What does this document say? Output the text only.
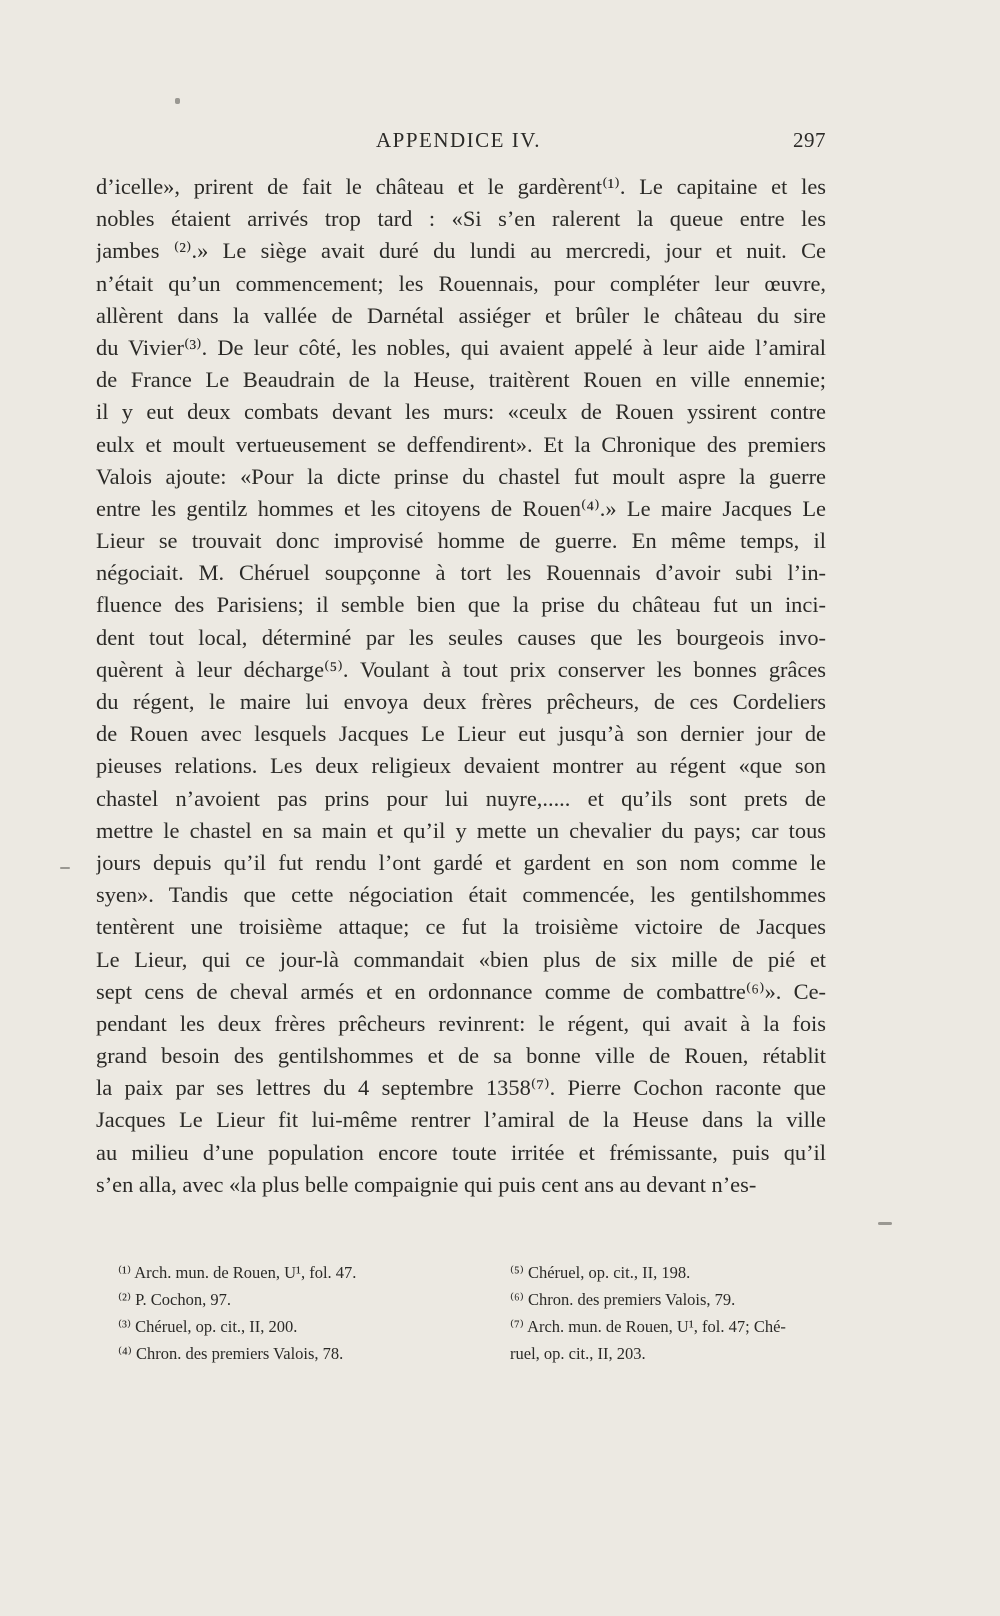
APPENDICE IV.	297
d’icelle», prirent de fait le château et le gardèrent⁽¹⁾. Le capitaine et les
nobles étaient arrivés trop tard : «Si s’en ralerent la queue entre les
jambes ⁽²⁾.» Le siège avait duré du lundi au mercredi, jour et nuit. Ce
n’était qu’un commencement; les Rouennais, pour compléter leur œuvre,
allèrent dans la vallée de Darnétal assiéger et brûler le château du sire
du Vivier⁽³⁾. De leur côté, les nobles, qui avaient appelé à leur aide l’amiral
de France Le Beaudrain de la Heuse, traitèrent Rouen en ville ennemie;
il y eut deux combats devant les murs: «ceulx de Rouen yssirent contre
eulx et moult vertueusement se deffendirent». Et la Chronique des premiers
Valois ajoute: «Pour la dicte prinse du chastel fut moult aspre la guerre
entre les gentilz hommes et les citoyens de Rouen⁽⁴⁾.» Le maire Jacques Le
Lieur se trouvait donc improvisé homme de guerre. En même temps, il
négociait. M. Chéruel soupçonne à tort les Rouennais d’avoir subi l’in-
fluence des Parisiens; il semble bien que la prise du château fut un inci-
dent tout local, déterminé par les seules causes que les bourgeois invo-
quèrent à leur décharge⁽⁵⁾. Voulant à tout prix conserver les bonnes grâces
du régent, le maire lui envoya deux frères prêcheurs, de ces Cordeliers
de Rouen avec lesquels Jacques Le Lieur eut jusqu’à son dernier jour de
pieuses relations. Les deux religieux devaient montrer au régent «que son
chastel n’avoient pas prins pour lui nuyre,..... et qu’ils sont prets de
mettre le chastel en sa main et qu’il y mette un chevalier du pays; car tous
jours depuis qu’il fut rendu l’ont gardé et gardent en son nom comme le
syen». Tandis que cette négociation était commencée, les gentilshommes
tentèrent une troisième attaque; ce fut la troisième victoire de Jacques
Le Lieur, qui ce jour-là commandait «bien plus de six mille de pié et
sept cens de cheval armés et en ordonnance comme de combattre⁽⁶⁾». Ce-
pendant les deux frères prêcheurs revinrent: le régent, qui avait à la fois
grand besoin des gentilshommes et de sa bonne ville de Rouen, rétablit
la paix par ses lettres du 4 septembre 1358⁽⁷⁾. Pierre Cochon raconte que
Jacques Le Lieur fit lui-même rentrer l’amiral de la Heuse dans la ville
au milieu d’une population encore toute irritée et frémissante, puis qu’il
s’en alla, avec «la plus belle compaignie qui puis cent ans au devant n’es-
⁽¹⁾ Arch. mun. de Rouen, U¹, fol. 47.
⁽²⁾ P. Cochon, 97.
⁽³⁾ Chéruel, op. cit., II, 200.
⁽⁴⁾ Chron. des premiers Valois, 78.
⁽⁵⁾ Chéruel, op. cit., II, 198.
⁽⁶⁾ Chron. des premiers Valois, 79.
⁽⁷⁾ Arch. mun. de Rouen, U¹, fol. 47; Ché-
ruel, op. cit., II, 203.
